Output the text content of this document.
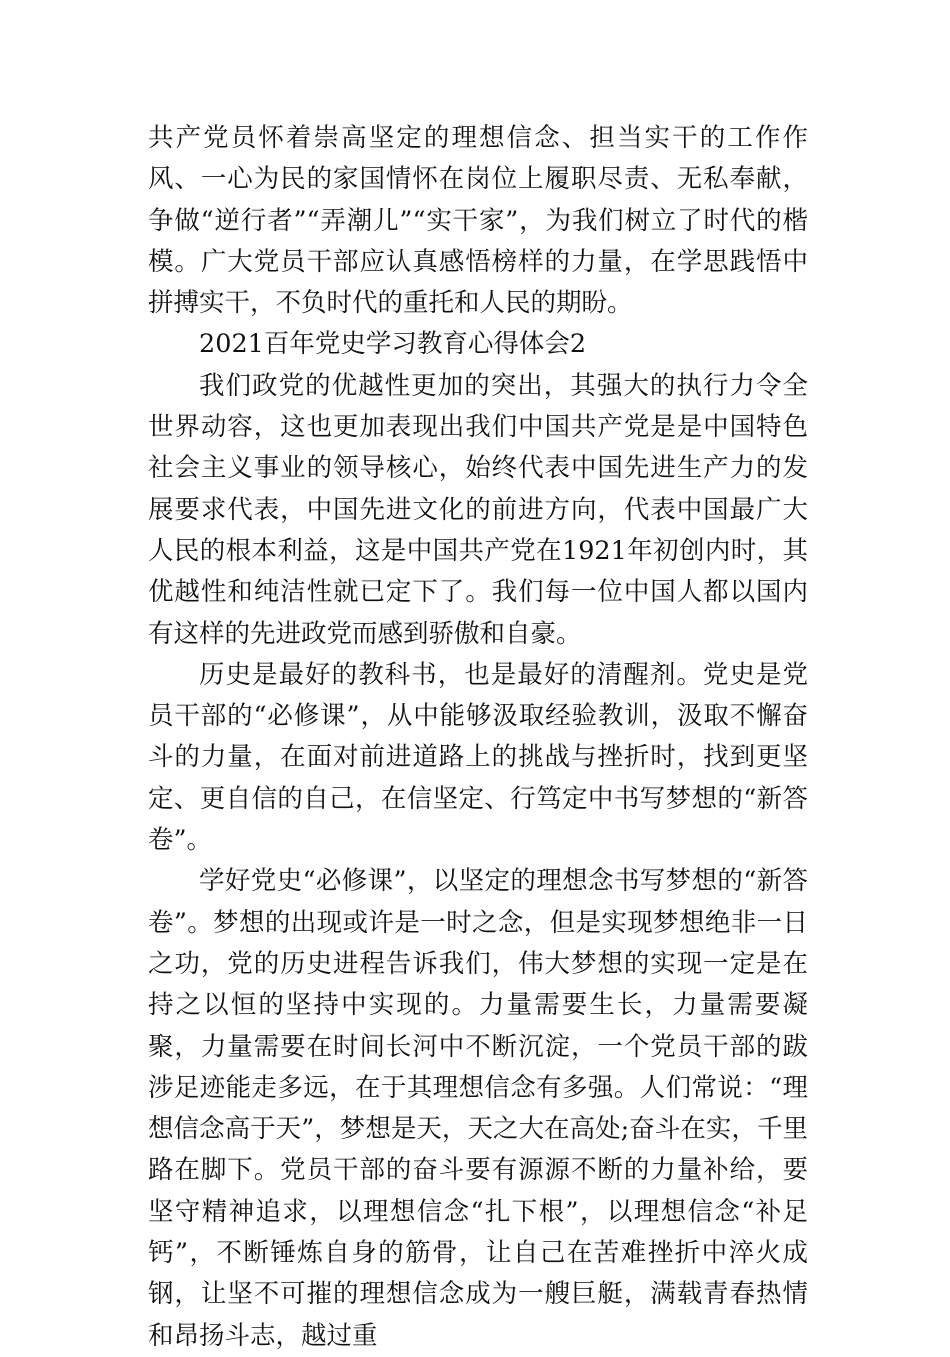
共产党员怀着崇高坚定的理想信念、担当实干的工作作风、一心为民的家国情怀在岗位上履职尽责、无私奉献，争做“逆行者”“弄潮儿”“实干家”，为我们树立了时代的楷模。广大党员干部应认真感悟榜样的力量，在学思践悟中拼搏实干，不负时代的重托和人民的期盼。

2021百年党史学习教育心得体会2

我们政党的优越性更加的突出，其强大的执行力令全世界动容，这也更加表现出我们中国共产党是是中国特色社会主义事业的领导核心，始终代表中国先进生产力的发展要求代表，中国先进文化的前进方向，代表中国最广大人民的根本利益，这是中国共产党在1921年初创内时，其优越性和纯洁性就已定下了。我们每一位中国人都以国内有这样的先进政党而感到骄傲和自豪。

历史是最好的教科书，也是最好的清醒剂。党史是党员干部的“必修课”，从中能够汲取经验教训，汲取不懈奋斗的力量，在面对前进道路上的挑战与挫折时，找到更坚定、更自信的自己，在信坚定、行笃定中书写梦想的“新答卷”。

学好党史“必修课”，以坚定的理想念书写梦想的“新答卷”。梦想的出现或许是一时之念，但是实现梦想绝非一日之功，党的历史进程告诉我们，伟大梦想的实现一定是在持之以恒的坚持中实现的。力量需要生长，力量需要凝聚，力量需要在时间长河中不断沉淀，一个党员干部的跋涉足迹能走多远，在于其理想信念有多强。人们常说：“理想信念高于天”，梦想是天，天之大在高处;奋斗在实，千里路在脚下。党员干部的奋斗要有源源不断的力量补给，要坚守精神追求，以理想信念“扎下根”，以理想信念“补足钙”，不断锤炼自身的筋骨，让自己在苦难挫折中淬火成钢，让坚不可摧的理想信念成为一艘巨艇，满载青春热情和昂扬斗志，越过重
